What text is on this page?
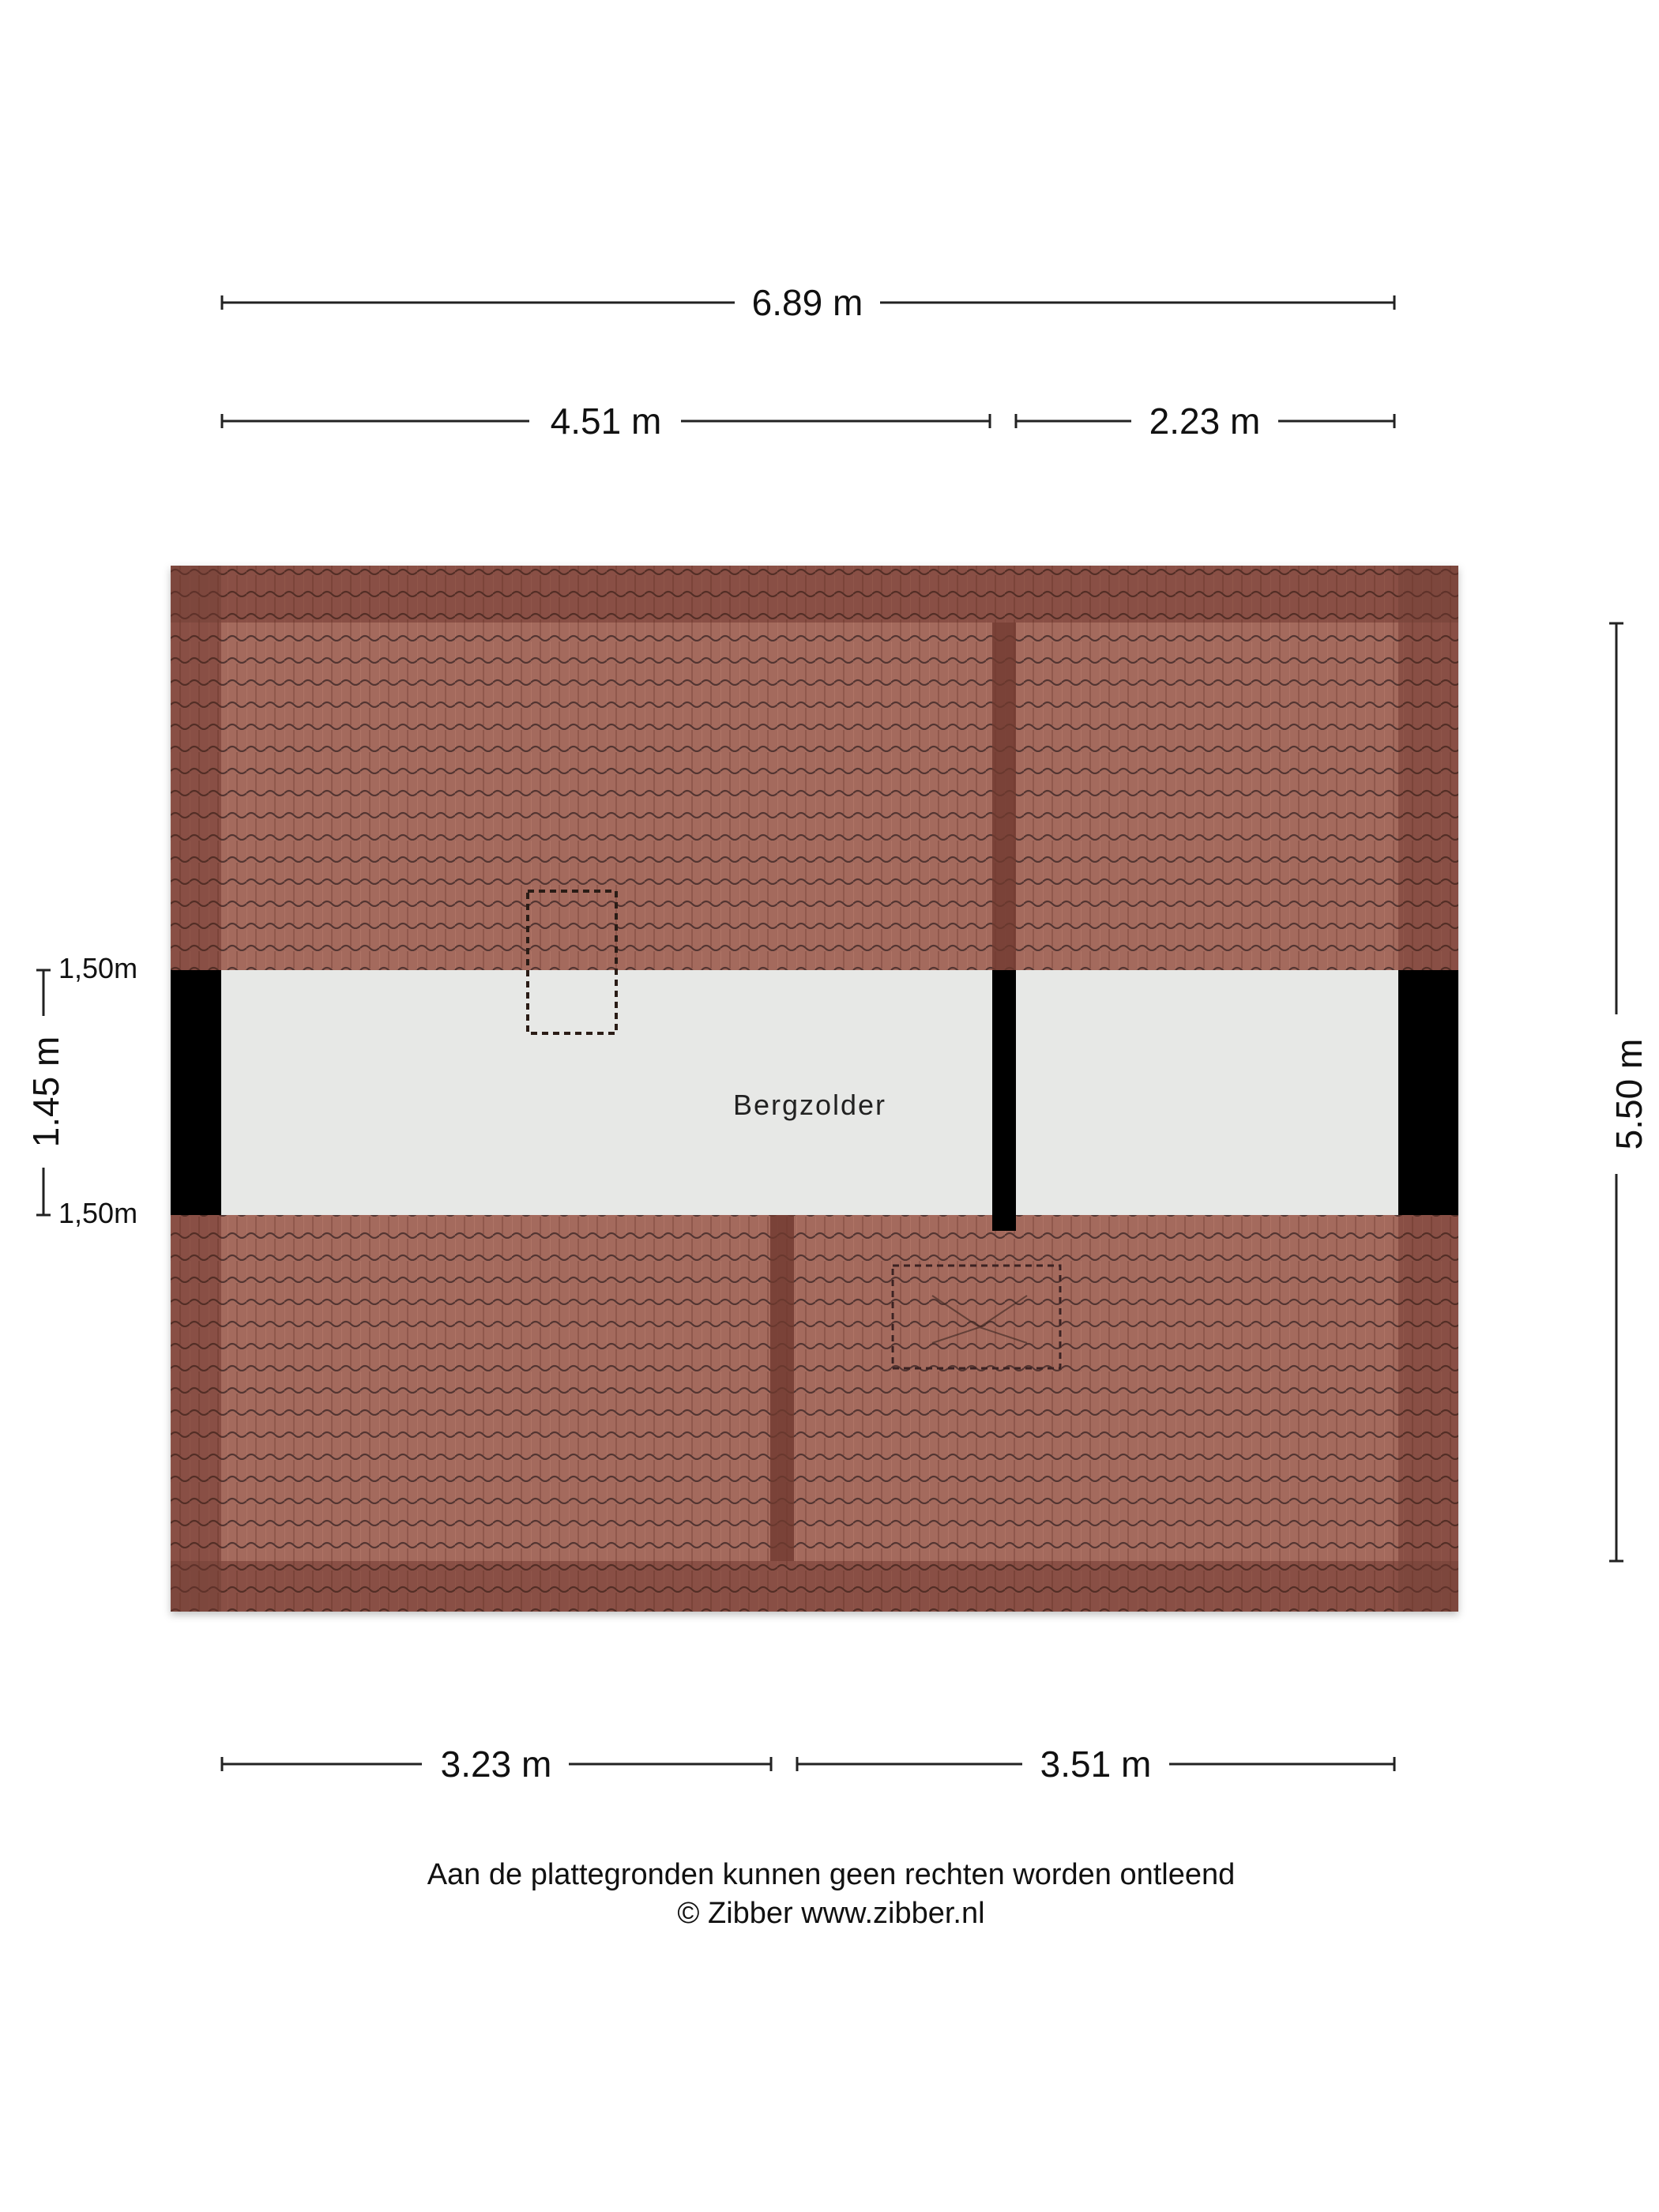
6.89 m
4.51 m	2.23 m
Bergzolder	5.50 m
1.45 m
1,50m
1,50m
3.23 m	3.51 m
Aan de plattegronden kunnen geen rechten worden ontleend
© Zibber www.zibber.nl
